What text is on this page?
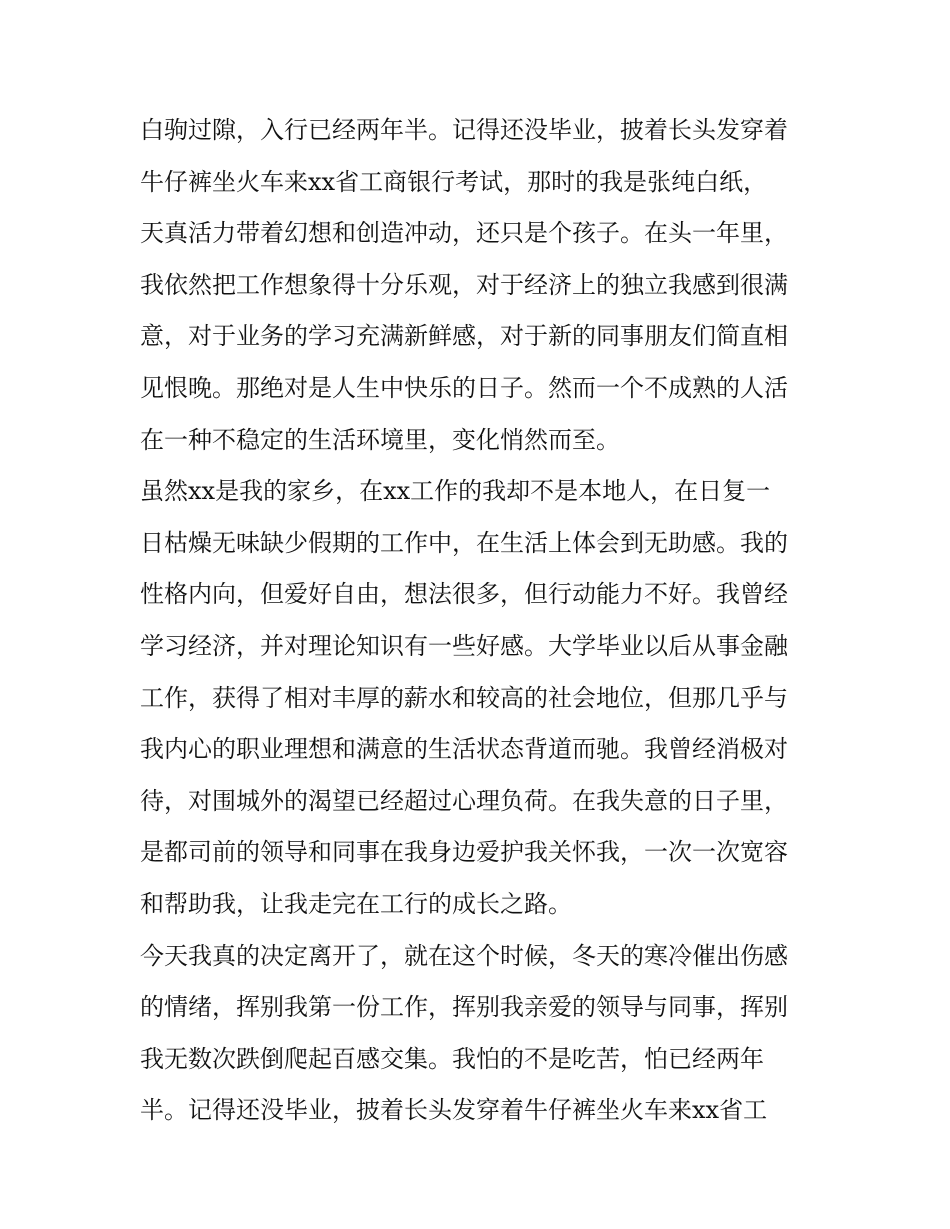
白驹过隙，入行已经两年半。记得还没毕业，披着长头发穿着
牛仔裤坐火车来xx省工商银行考试，那时的我是张纯白纸，
天真活力带着幻想和创造冲动，还只是个孩子。在头一年里，
我依然把工作想象得十分乐观，对于经济上的独立我感到很满
意，对于业务的学习充满新鲜感，对于新的同事朋友们简直相
见恨晚。那绝对是人生中快乐的日子。然而一个不成熟的人活
在一种不稳定的生活环境里，变化悄然而至。
虽然xx是我的家乡，在xx工作的我却不是本地人，在日复一
日枯燥无味缺少假期的工作中，在生活上体会到无助感。我的
性格内向，但爱好自由，想法很多，但行动能力不好。我曾经
学习经济，并对理论知识有一些好感。大学毕业以后从事金融
工作，获得了相对丰厚的薪水和较高的社会地位，但那几乎与
我内心的职业理想和满意的生活状态背道而驰。我曾经消极对
待，对围城外的渴望已经超过心理负荷。在我失意的日子里，
是都司前的领导和同事在我身边爱护我关怀我，一次一次宽容
和帮助我，让我走完在工行的成长之路。
今天我真的决定离开了，就在这个时候，冬天的寒冷催出伤感
的情绪，挥别我第一份工作，挥别我亲爱的领导与同事，挥别
我无数次跌倒爬起百感交集。我怕的不是吃苦，怕已经两年
半。记得还没毕业，披着长头发穿着牛仔裤坐火车来xx省工
